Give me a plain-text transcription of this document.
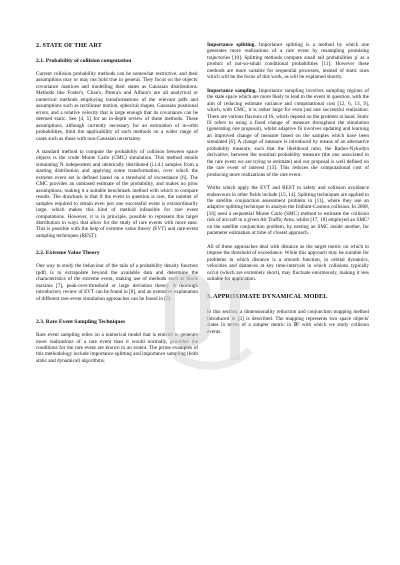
2. STATE OF THE ART
2.1. Probability of collision computation

Current collision probability methods can be somewhat restrictive, and their assumptions may or may not hold true in general. They focus on the objects' covariance matrices and modelling their states as Gaussian distributions. Methods like Foster's, Chan's, Patera's and Alfano's are all analytical or numerical methods employing transformations of the relevant pdfs and assumptions such as rectilinear motion, spherical shapes, Gaussian positional errors, and a relative velocity that is large enough that its covariance can be deemed static. See [4, 5] for an in-depth review of these methods. These assumptions, although currently necessary for an estimation of in-orbit probabilities, limit the applicability of such methods on a wider range of cases such as those with non-Gaussian uncertainty.

A standard method to compute the probability of collision between space objects is the crude Monte Carlo (CMC) simulation. This method entails simulating N independent and identically distributed (i.i.d.) samples from a starting distribution and applying some transformation, over which the extreme event set is defined based on a threshold of exceedance [6]. The CMC provides an unbiased estimate of the probability, and makes no prior assumptions, making it a suitable benchmark method with which to compare results. The drawback is that if the event in question is rare, the number of samples required to obtain even just one successful event is extraordinarily large, which makes this kind of method infeasible for rare event computations. However, it is in principle, possible to represent this target distribution in ways that allow for the study of rare events with more ease. This is possible with the help of extreme value theory (EVT) and rare-event sampling techniques (REST).

2.2. Extreme Value Theory

One way to study the behaviour of the tails of a probability density function (pdf) is to extrapolate beyond the available data and determine the characteristics of the extreme event, making use of methods such as block maxima [7], peak-over-threshold or large deviation theory. A thorough introductory review of EVT can be found in [8], and an extensive explanation of different rare-event simulation approaches can be found in [9].

2.3. Rare Event Sampling Techniques

Rare event sampling relies on a numerical model that is enticed to generate more realizations of a rare event than it would normally, provided the conditions for the rare event are known to an extent. The prime examples of this methodology include importance splitting and importance sampling (both static and dynamical) algorithms.

Importance splitting. Importance splitting is a method by which one generates more realizations of a rare event by resampling promising trajectories [10]. Splitting methods compute small tail probabilities p' as a product of not-so-small conditional probabilities [11]. However these methods are more suitable for sequential processes, instead of static ones which will be the focus of this work, as will be explained shortly.

Importance sampling. Importance sampling involves sampling regions of the state space which are more likely to lead to the event in question, with the aim of reducing estimate variance and computational cost [12, 6, 13, 9], which, with CMC, it is rather large for even just one successful realization. There are various flavours of IS, which depend on the problem at hand. Static IS refers to using a fixed change of measure throughout the simulation (generating one proposal), whilst adaptive IS involves updating and learning an improved change of measure based on the samples which have been simulated [6]. A change of measure is introduced by means of an alternative probability measure, such that the likelihood ratio, the Radon-Nykodyn derivative, between the nominal probability measure (the one associated to the rare event we are trying to estimate) and our proposal is well defined on the rare event of interest [13]. This reduces the computational cost of producing more realizations of the rare event.

Works which apply the EVT and REST to safety and collision avoidance endeavours in other fields include [15, 14]. Splitting techniques are applied to the satellite conjunction assessment problem in [11], where they use an adaptive splitting technique to analyse the Iridium-Cosmos collision. In 2008, [16] used a sequential Monte Carlo (SMC) method to estimate the collision risk of aircraft in a given Air Traffic Area, whilst [17, 18] employed an SMC² on the satellite conjunction problem, by nesting an SMC inside another, for parameter estimation at time of closest approach.

All of these approaches deal with distance as the target metric on which to impose the threshold of exceedance. While this approach may be suitable for problems in which distance is a smooth function, in orbital dynamics, velocities and distances at key time-intervals in which collisions typically occur (which are extremely short), may fluctuate enormously, making it less suitable for application.

3. APPROXIMATE DYNAMICAL MODEL

In this section, a dimensionality reduction and conjunction mapping method introduced in [3] is described. The mapping represents two space objects' states in terms of a simpler metric in ℝ² with which we study collision events.
